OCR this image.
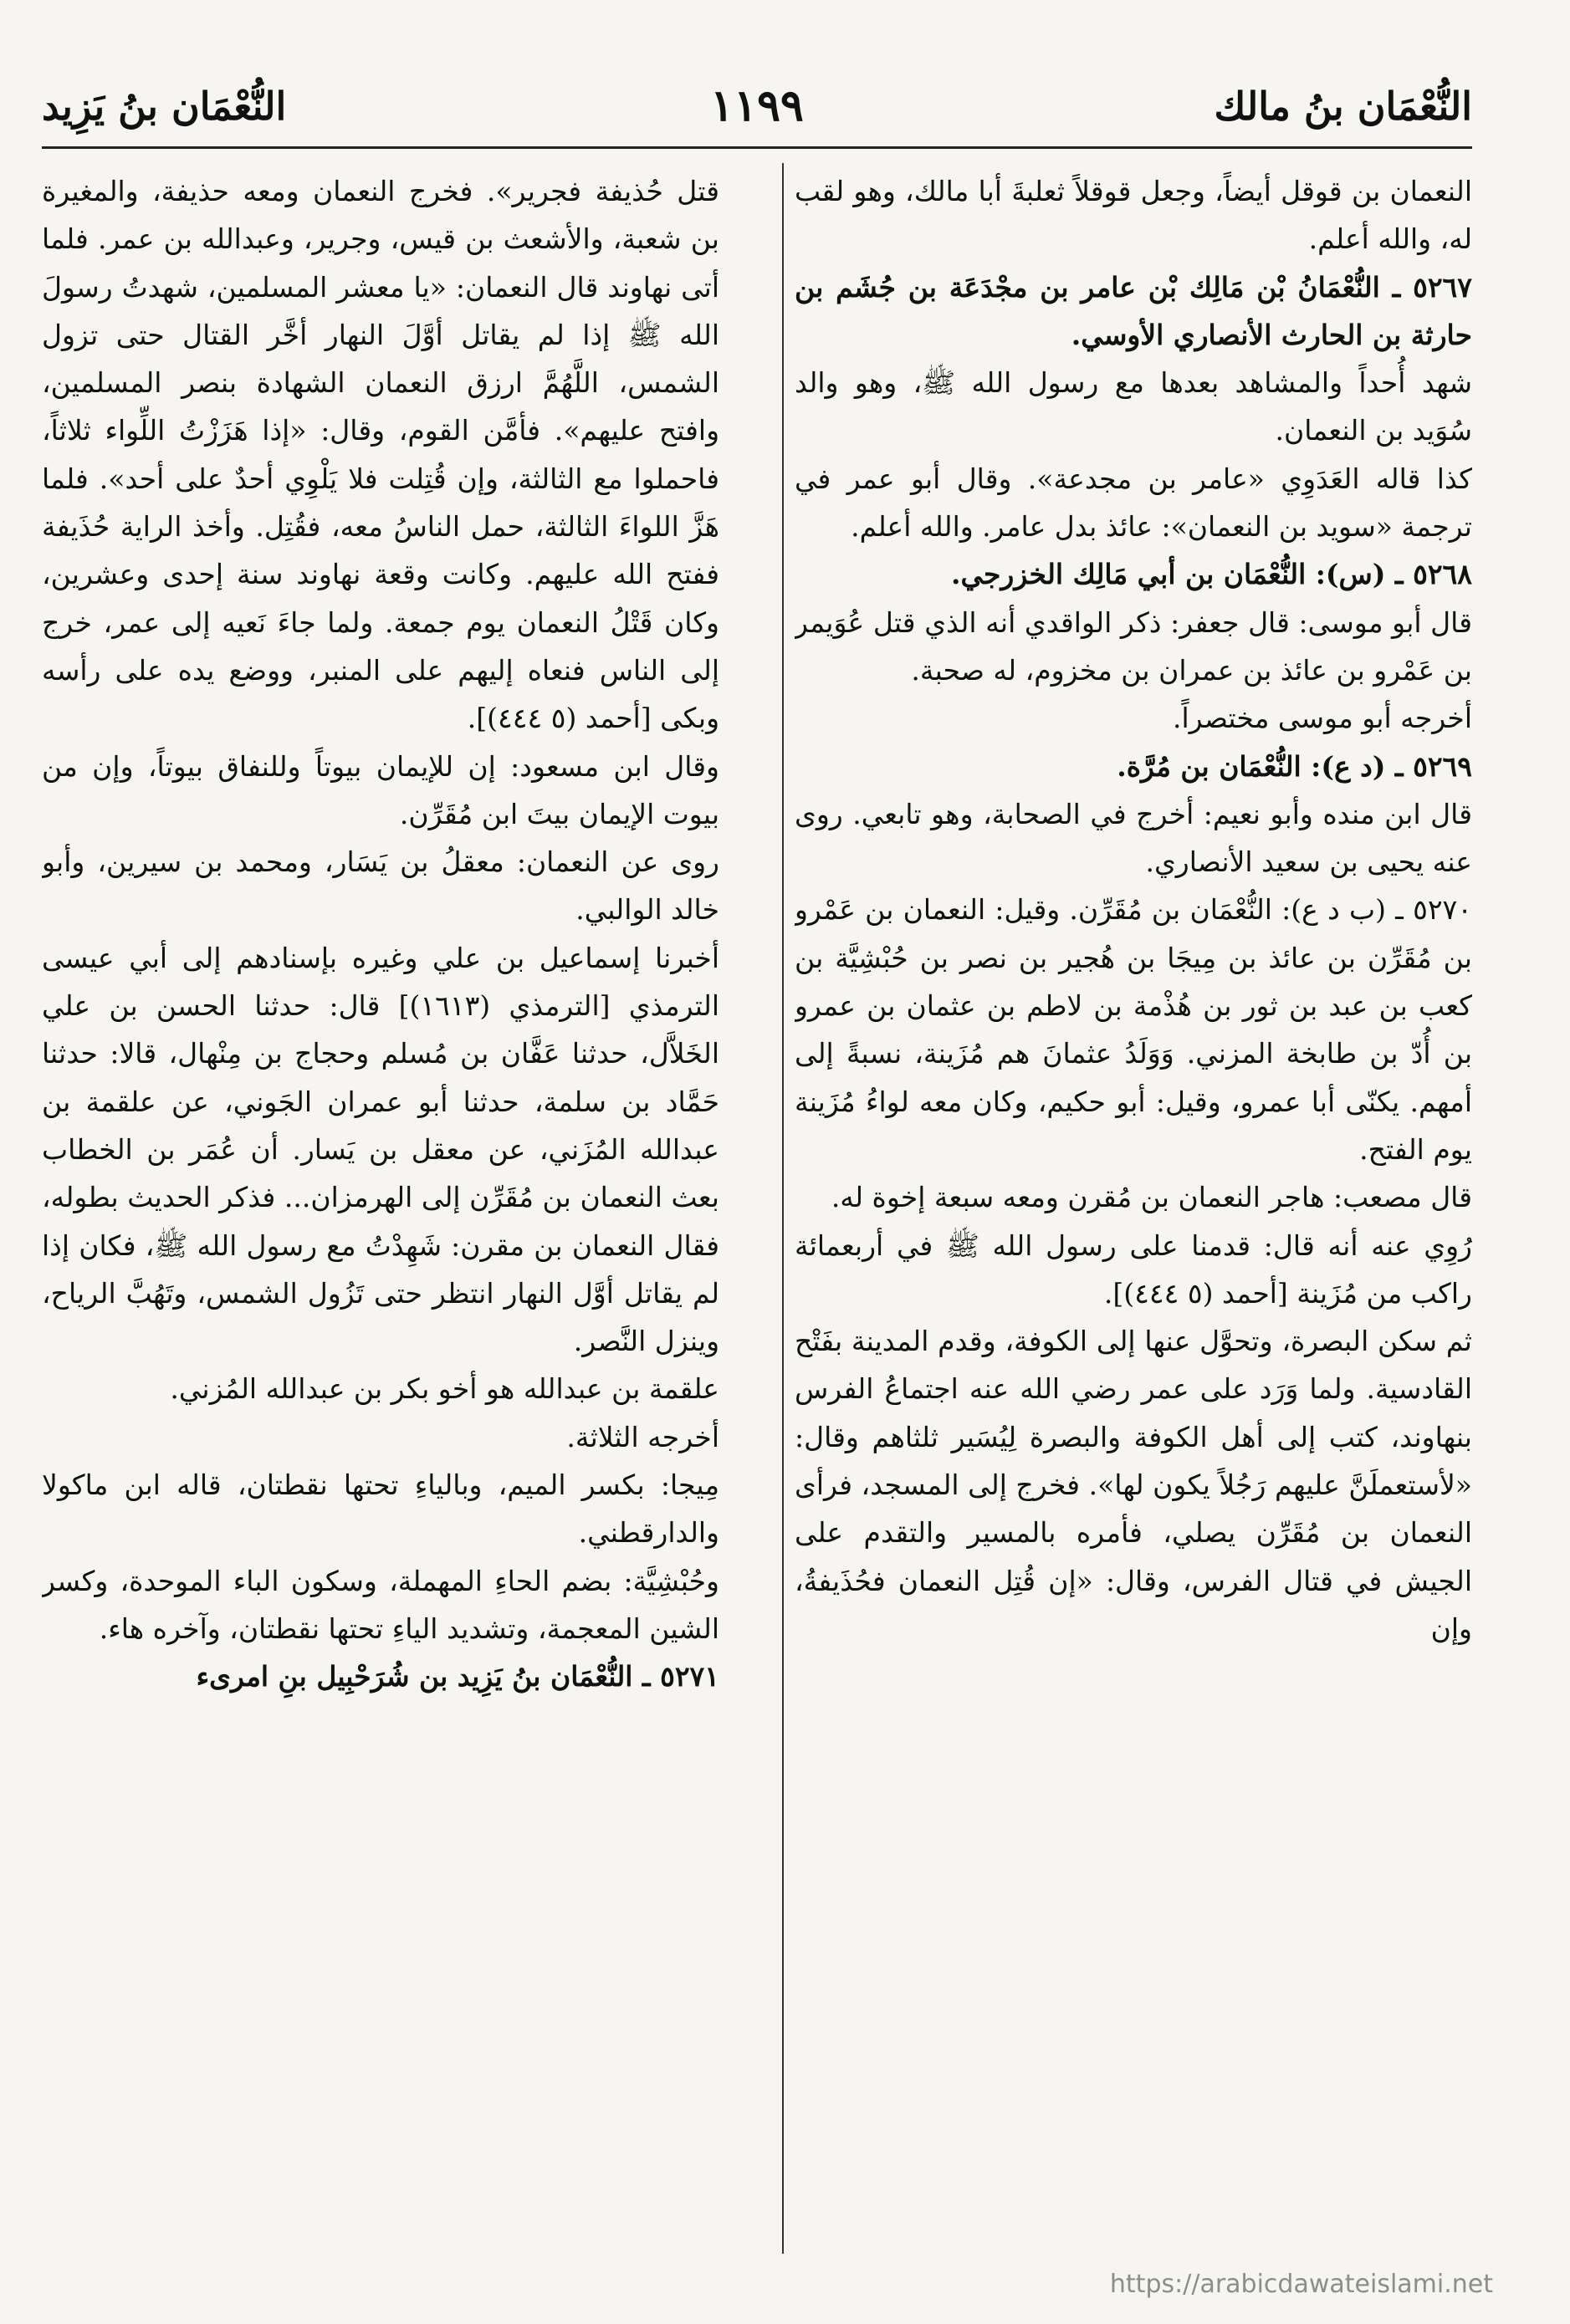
النُّعْمَان بنُ مالك
١١٩٩
النُّعْمَان بنُ يَزِيد

النعمان بن قوقل أيضاً، وجعل قوقلاً ثعلبةَ أبا مالك، وهو لقب له، والله أعلم.

٥٢٦٧ ـ النُّعْمَانُ بْن مَالِك بْن عامر بن مجْدَعَة بن جُشَم بن حارثة بن الحارث الأنصاري الأوسي.

شهد أُحداً والمشاهد بعدها مع رسول الله ﷺ، وهو والد سُوَيد بن النعمان.

كذا قاله العَدَوِي «عامر بن مجدعة». وقال أبو عمر في ترجمة «سويد بن النعمان»: عائذ بدل عامر. والله أعلم.

٥٢٦٨ ـ (س): النُّعْمَان بن أبي مَالِك الخزرجي.

قال أبو موسى: قال جعفر: ذكر الواقدي أنه الذي قتل عُوَيمر بن عَمْرو بن عائذ بن عمران بن مخزوم، له صحبة.

أخرجه أبو موسى مختصراً.

٥٢٦٩ ـ (د ع): النُّعْمَان بن مُرَّة.

قال ابن منده وأبو نعيم: أخرج في الصحابة، وهو تابعي. روى عنه يحيى بن سعيد الأنصاري.

٥٢٧٠ ـ (ب د ع): النُّعْمَان بن مُقَرِّن. وقيل: النعمان بن عَمْرو بن مُقَرِّن بن عائذ بن مِيجَا بن هُجير بن نصر بن حُبْشِيَّة بن كعب بن عبد بن ثور بن هُذْمة بن لاطم بن عثمان بن عمرو بن أُدّ بن طابخة المزني. وَوَلَدُ عثمانَ هم مُزَينة، نسبةً إلى أمهم. يكنّى أبا عمرو، وقيل: أبو حكيم، وكان معه لواءُ مُزَينة يوم الفتح.

قال مصعب: هاجر النعمان بن مُقرن ومعه سبعة إخوة له.

رُوِي عنه أنه قال: قدمنا على رسول الله ﷺ في أربعمائة راكب من مُزَينة [أحمد (٥ ٤٤٤)].

ثم سكن البصرة، وتحوَّل عنها إلى الكوفة، وقدم المدينة بفَتْح القادسية. ولما وَرَد على عمر رضي الله عنه اجتماعُ الفرس بنهاوند، كتب إلى أهل الكوفة والبصرة لِيُسَير ثلثاهم وقال: «لأستعملَنَّ عليهم رَجُلاً يكون لها». فخرج إلى المسجد، فرأى النعمان بن مُقَرِّن يصلي، فأمره بالمسير والتقدم على الجيش في قتال الفرس، وقال: «إن قُتِل النعمان فحُذَيفةُ، وإن

قتل حُذيفة فجرير». فخرج النعمان ومعه حذيفة، والمغيرة بن شعبة، والأشعث بن قيس، وجرير، وعبدالله بن عمر. فلما أتى نهاوند قال النعمان: «يا معشر المسلمين، شهدتُ رسولَ الله ﷺ إذا لم يقاتل أوَّلَ النهار أخَّر القتال حتى تزول الشمس، اللَّهُمَّ ارزق النعمان الشهادة بنصر المسلمين، وافتح عليهم». فأمَّن القوم، وقال: «إذا هَزَزْتُ اللِّواء ثلاثاً، فاحملوا مع الثالثة، وإن قُتِلت فلا يَلْوِي أحدٌ على أحد». فلما هَزَّ اللواءَ الثالثة، حمل الناسُ معه، فقُتِل. وأخذ الراية حُذَيفة ففتح الله عليهم. وكانت وقعة نهاوند سنة إحدى وعشرين، وكان قَتْلُ النعمان يوم جمعة. ولما جاءَ نَعيه إلى عمر، خرج إلى الناس فنعاه إليهم على المنبر، ووضع يده على رأسه وبكى [أحمد (٥ ٤٤٤)].

وقال ابن مسعود: إن للإيمان بيوتاً وللنفاق بيوتاً، وإن من بيوت الإيمان بيتَ ابن مُقَرِّن.

روى عن النعمان: معقلُ بن يَسَار، ومحمد بن سيرين، وأبو خالد الوالبي.

أخبرنا إسماعيل بن علي وغيره بإسنادهم إلى أبي عيسى الترمذي [الترمذي (١٦١٣)] قال: حدثنا الحسن بن علي الخَلاَّل، حدثنا عَفَّان بن مُسلم وحجاج بن مِنْهال، قالا: حدثنا حَمَّاد بن سلمة، حدثنا أبو عمران الجَوني، عن علقمة بن عبدالله المُزَني، عن معقل بن يَسار. أن عُمَر بن الخطاب بعث النعمان بن مُقَرِّن إلى الهرمزان... فذكر الحديث بطوله، فقال النعمان بن مقرن: شَهِدْتُ مع رسول الله ﷺ، فكان إذا لم يقاتل أوَّل النهار انتظر حتى تَزُول الشمس، وتَهُبَّ الرياح، وينزل النَّصر.

علقمة بن عبدالله هو أخو بكر بن عبدالله المُزني.

أخرجه الثلاثة.

مِيجا: بكسر الميم، وبالياءِ تحتها نقطتان، قاله ابن ماكولا والدارقطني.

وحُبْشِيَّة: بضم الحاءِ المهملة، وسكون الباء الموحدة، وكسر الشين المعجمة، وتشديد الياءِ تحتها نقطتان، وآخره هاء.

٥٢٧١ ـ النُّعْمَان بنُ يَزِيد بن شُرَحْبِيل بنِ امرىء

https://arabicdawateislami.net
